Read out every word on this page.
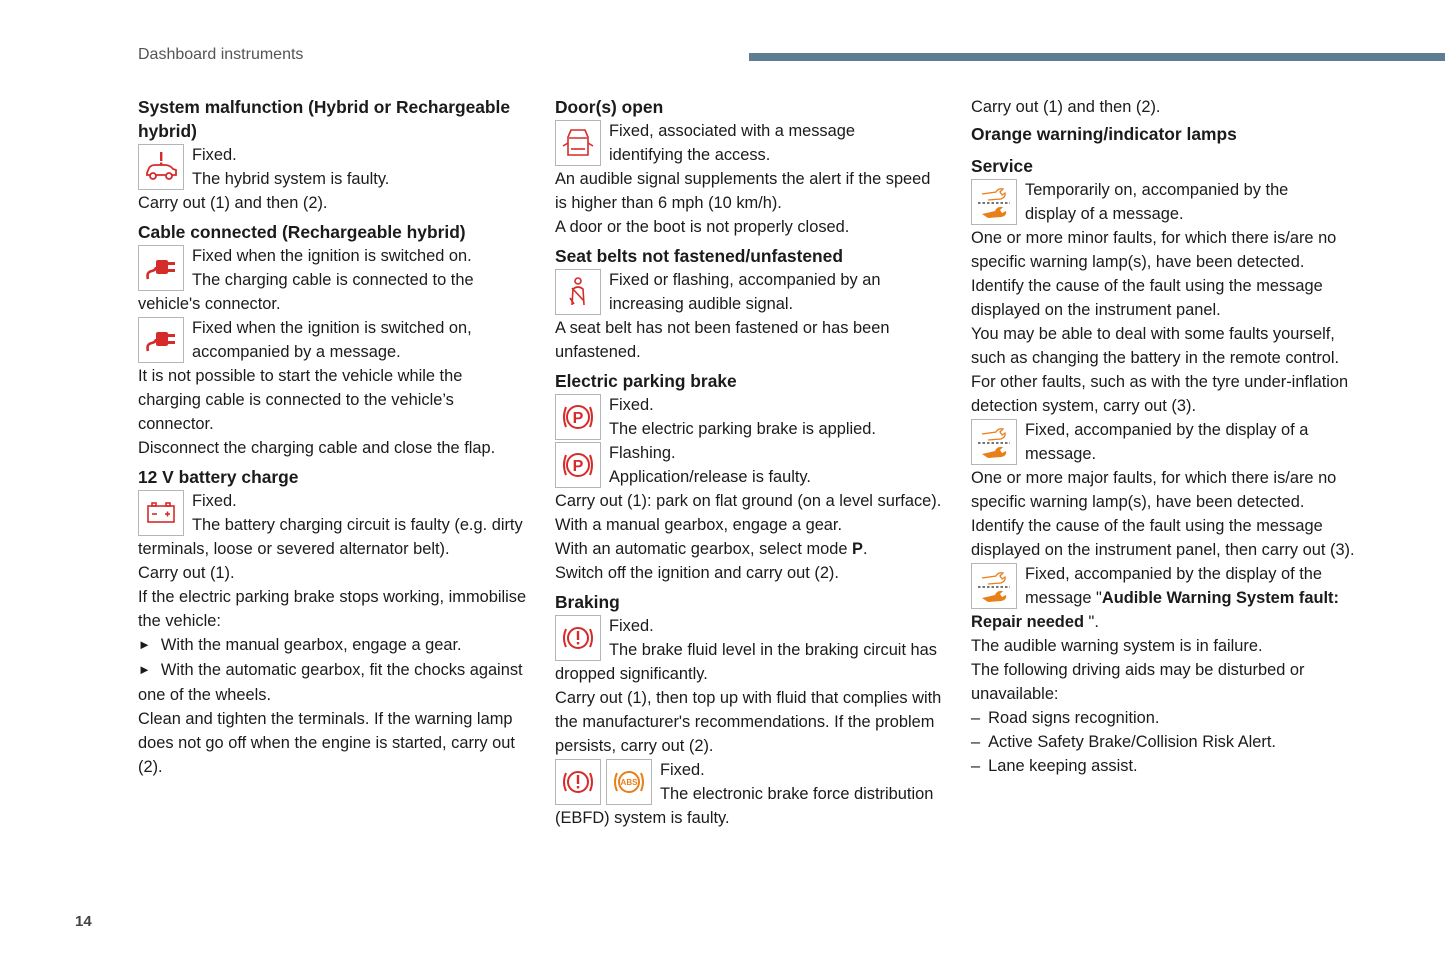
Dashboard instruments
System malfunction (Hybrid or Rechargeable hybrid)
Fixed.
The hybrid system is faulty.
Carry out (1) and then (2).
Cable connected (Rechargeable hybrid)
Fixed when the ignition is switched on.
The charging cable is connected to the vehicle's connector.
Fixed when the ignition is switched on,
accompanied by a message.
It is not possible to start the vehicle while the charging cable is connected to the vehicle’s connector.
Disconnect the charging cable and close the flap.
12 V battery charge
Fixed.
The battery charging circuit is faulty (e.g. dirty terminals, loose or severed alternator belt).
Carry out (1).
If the electric parking brake stops working, immobilise the vehicle:
► With the manual gearbox, engage a gear.
► With the automatic gearbox, fit the chocks against one of the wheels.
Clean and tighten the terminals. If the warning lamp does not go off when the engine is started, carry out (2).
Door(s) open
Fixed, associated with a message
identifying the access.
An audible signal supplements the alert if the speed is higher than 6 mph (10 km/h).
A door or the boot is not properly closed.
Seat belts not fastened/unfastened
Fixed or flashing, accompanied by an
increasing audible signal.
A seat belt has not been fastened or has been unfastened.
Electric parking brake
P
Fixed.
The electric parking brake is applied.
P
Flashing.
Application/release is faulty.
Carry out (1): park on flat ground (on a level surface).
With a manual gearbox, engage a gear.
With an automatic gearbox, select mode P.
Switch off the ignition and carry out (2).
Braking
Fixed.
The brake fluid level in the braking circuit has dropped significantly.
Carry out (1), then top up with fluid that complies with the manufacturer's recommendations. If the problem persists, carry out (2).
ABS
Fixed.
The electronic brake force distribution (EBFD) system is faulty.
Carry out (1) and then (2).
Orange warning/indicator lamps
Service
Temporarily on, accompanied by the
display of a message.
One or more minor faults, for which there is/are no specific warning lamp(s), have been detected.
Identify the cause of the fault using the message displayed on the instrument panel.
You may be able to deal with some faults yourself, such as changing the battery in the remote control.
For other faults, such as with the tyre under-inflation detection system, carry out (3).
Fixed, accompanied by the display of a
message.
One or more major faults, for which there is/are no specific warning lamp(s), have been detected.
Identify the cause of the fault using the message displayed on the instrument panel, then carry out (3).
Fixed, accompanied by the display of the
message "Audible Warning System fault: Repair needed ".
The audible warning system is in failure.
The following driving aids may be disturbed or unavailable:
– Road signs recognition.
– Active Safety Brake/Collision Risk Alert.
– Lane keeping assist.
14
